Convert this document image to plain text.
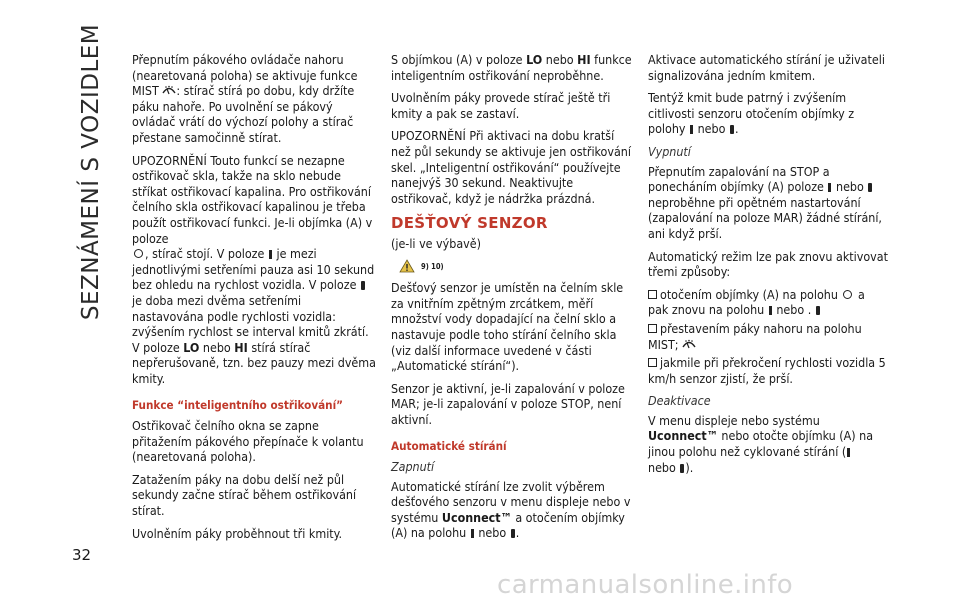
SEZNÁMENÍ S VOZIDLEM
32

Přepnutím pákového ovládače nahoru (nearetovaná poloha) se aktivuje funkce MIST : stírač stírá po dobu, kdy držíte páku nahoře. Po uvolnění se pákový ovládač vrátí do výchozí polohy a stírač přestane samočinně stírat.

UPOZORNĚNÍ Touto funkcí se nezapne ostřikovač skla, takže na sklo nebude stříkat ostřikovací kapalina. Pro ostřikování čelního skla ostřikovací kapalinou je třeba použít ostřikovací funkci. Je-li objímka (A) v poloze
, stírač stojí. V poloze je mezi jednotlivými setřeními pauza asi 10 sekund bez ohledu na rychlost vozidla. V poloze  je doba mezi dvěma setřeními nastavována podle rychlosti vozidla: zvýšením rychlost se interval kmitů zkrátí. V poloze LO nebo HI stírá stírač nepřerušovaně, tzn. bez pauzy mezi dvěma kmity.

Funkce “inteligentního ostřikování”

Ostřikovač čelního okna se zapne přitažením pákového přepínače k volantu (nearetovaná poloha).

Zatažením páky na dobu delší než půl sekundy začne stírač během ostřikování stírat.

Uvolněním páky proběhnout tři kmity.

S objímkou (A) v poloze LO nebo HI funkce inteligentním ostřikování neproběhne.

Uvolněním páky provede stírač ještě tři kmity a pak se zastaví.

UPOZORNĚNÍ Při aktivaci na dobu kratší než půl sekundy se aktivuje jen ostřikování skel. „Inteligentní ostřikování“ používejte nanejvýš 30 sekund. Neaktivujte ostřikovač, když je nádržka prázdná.

DEŠŤOVÝ SENZOR

(je-li ve výbavě)

9) 10)

Dešťový senzor je umístěn na čelním skle za vnitřním zpětným zrcátkem, měří množství vody dopadající na čelní sklo a nastavuje podle toho stírání čelního skla (viz další informace uvedené v části „Automatické stírání“).

Senzor je aktivní, je-li zapalování v poloze MAR; je-li zapalování v poloze STOP, není aktivní.

Automatické stírání
Zapnutí

Automatické stírání lze zvolit výběrem dešťového senzoru v menu displeje nebo v systému Uconnect™ a otočením objímky (A) na polohu nebo .

Aktivace automatického stírání je uživateli signalizována jedním kmitem.

Tentýž kmit bude patrný i zvýšením citlivosti senzoru otočením objímky z polohy nebo .

Vypnutí

Přepnutím zapalování na STOP a ponecháním objímky (A) poloze nebo  neproběhne při opětném nastartování (zapalování na poloze MAR) žádné stírání, ani když prší.

Automatický režim lze pak znovu aktivovat třemi způsoby:

otočením objímky (A) na polohu a pak znovu na polohu nebo .

přestavením páky nahoru na polohu MIST;

jakmile při překročení rychlosti vozidla 5 km/h senzor zjistí, že prší.

Deaktivace

V menu displeje nebo systému Uconnect™ nebo otočte objímku (A) na jinou polohu než cyklované stírání (
nebo ).

carmanualsonline.info
